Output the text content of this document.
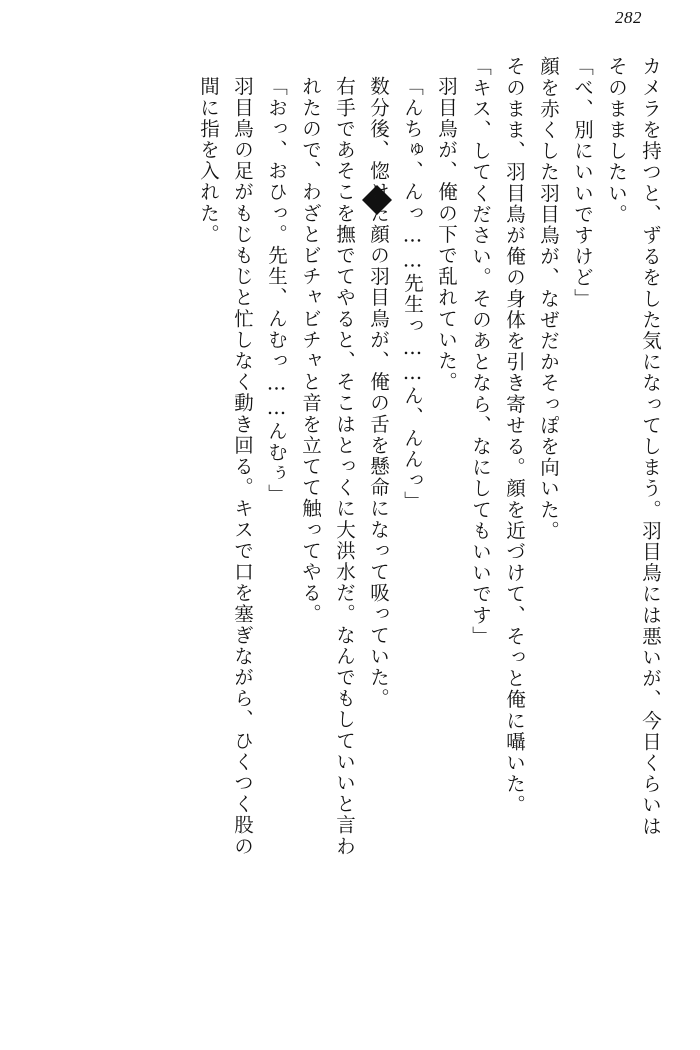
282
カメラを持つと、ずるをした気になってしまう。羽目鳥には悪いが、今日くらいは
そのまましたい。
「べ、別にいいですけど」
顔を赤くした羽目鳥が、なぜだかそっぽを向いた。
そのまま、羽目鳥が俺の身体を引き寄せる。顔を近づけて、そっと俺に囁いた。
「キス、してください。そのあとなら、なにしてもいいです」
羽目鳥が、俺の下で乱れていた。
「んちゅ、んっ……先生っ……ん、んんっ」
数分後、惚けた顔の羽目鳥が、俺の舌を懸命になって吸っていた。
右手であそこを撫でてやると、そこはとっくに大洪水だ。なんでもしていいと言わ
れたので、わざとビチャビチャと音を立てて触ってやる。
「おっ、おひっ。先生、んむっ……んむぅ」
羽目鳥の足がもじもじと忙しなく動き回る。キスで口を塞ぎながら、ひくつく股の
間に指を入れた。
